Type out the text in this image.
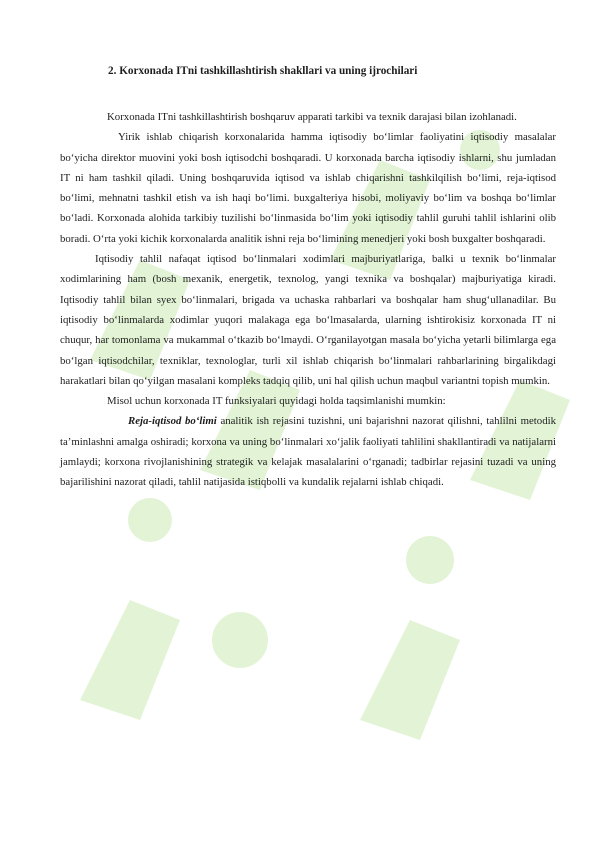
2. Korxonada ITni tashkillashtirish shakllari va uning ijrochilari

Korxonada ITni tashkillashtirish boshqaruv apparati tarkibi va texnik darajasi bilan izohlanadi.

Yirik ishlab chiqarish korxonalarida hamma iqtisodiy bo‘limlar faoliyatini iqtisodiy masalalar bo‘yicha direktor muovini yoki bosh iqtisodchi boshqaradi. U korxonada barcha iqtisodiy ishlarni, shu jumladan IT ni ham tashkil qiladi. Uning boshqaruvida iqtisod va ishlab chiqarishni tashkilqilish bo‘limi, reja-iqtisod bo‘limi, mehnatni tashkil etish va ish haqi bo‘limi. buxgalteriya hisobi, moliyaviy bo‘lim va boshqa bo‘limlar bo‘ladi. Korxonada alohida tarkibiy tuzilishi bo‘linmasida bo‘lim yoki iqtisodiy tahlil guruhi tahlil ishlarini olib boradi. O‘rta yoki kichik korxonalarda analitik ishni reja bo‘limining menedjeri yoki bosh buxgalter boshqaradi.

Iqtisodiy tahlil nafaqat iqtisod bo‘linmalari xodimlari majburiyatlariga, balki u texnik bo‘linmalar xodimlarining ham (bosh mexanik, energetik, texnolog, yangi texnika va boshqalar) majburiyatiga kiradi. Iqtisodiy tahlil bilan syex bo‘linmalari, brigada va uchaska rahbarlari va boshqalar ham shug‘ullanadilar. Bu iqtisodiy bo‘linmalarda xodimlar yuqori malakaga ega bo‘lmasalarda, ularning ishtirokisiz korxonada IT ni chuqur, har tomonlama va mukammal o‘tkazib bo‘lmaydi. O‘rganilayotgan masala bo‘yicha yetarli bilimlarga ega bo‘lgan iqtisodchilar, texniklar, texnologlar, turli xil ishlab chiqarish bo‘linmalari rahbarlarining birgalikdagi harakatlari bilan qo‘yilgan masalani kompleks tadqiq qilib, uni hal qilish uchun maqbul variantni topish mumkin.

Misol uchun korxonada IT funksiyalari quyidagi holda taqsimlanishi mumkin:

Reja-iqtisod bo‘limi analitik ish rejasini tuzishni, uni bajarishni nazorat qilishni, tahlilni metodik ta’minlashni amalga oshiradi; korxona va uning bo‘linmalari xo‘jalik faoliyati tahlilini shakllantiradi va natijalarni jamlaydi; korxona rivojlanishining strategik va kelajak masalalarini o‘rganadi; tadbirlar rejasini tuzadi va uning bajarilishini nazorat qiladi, tahlil natijasida istiqbolli va kundalik rejalarni ishlab chiqadi.
